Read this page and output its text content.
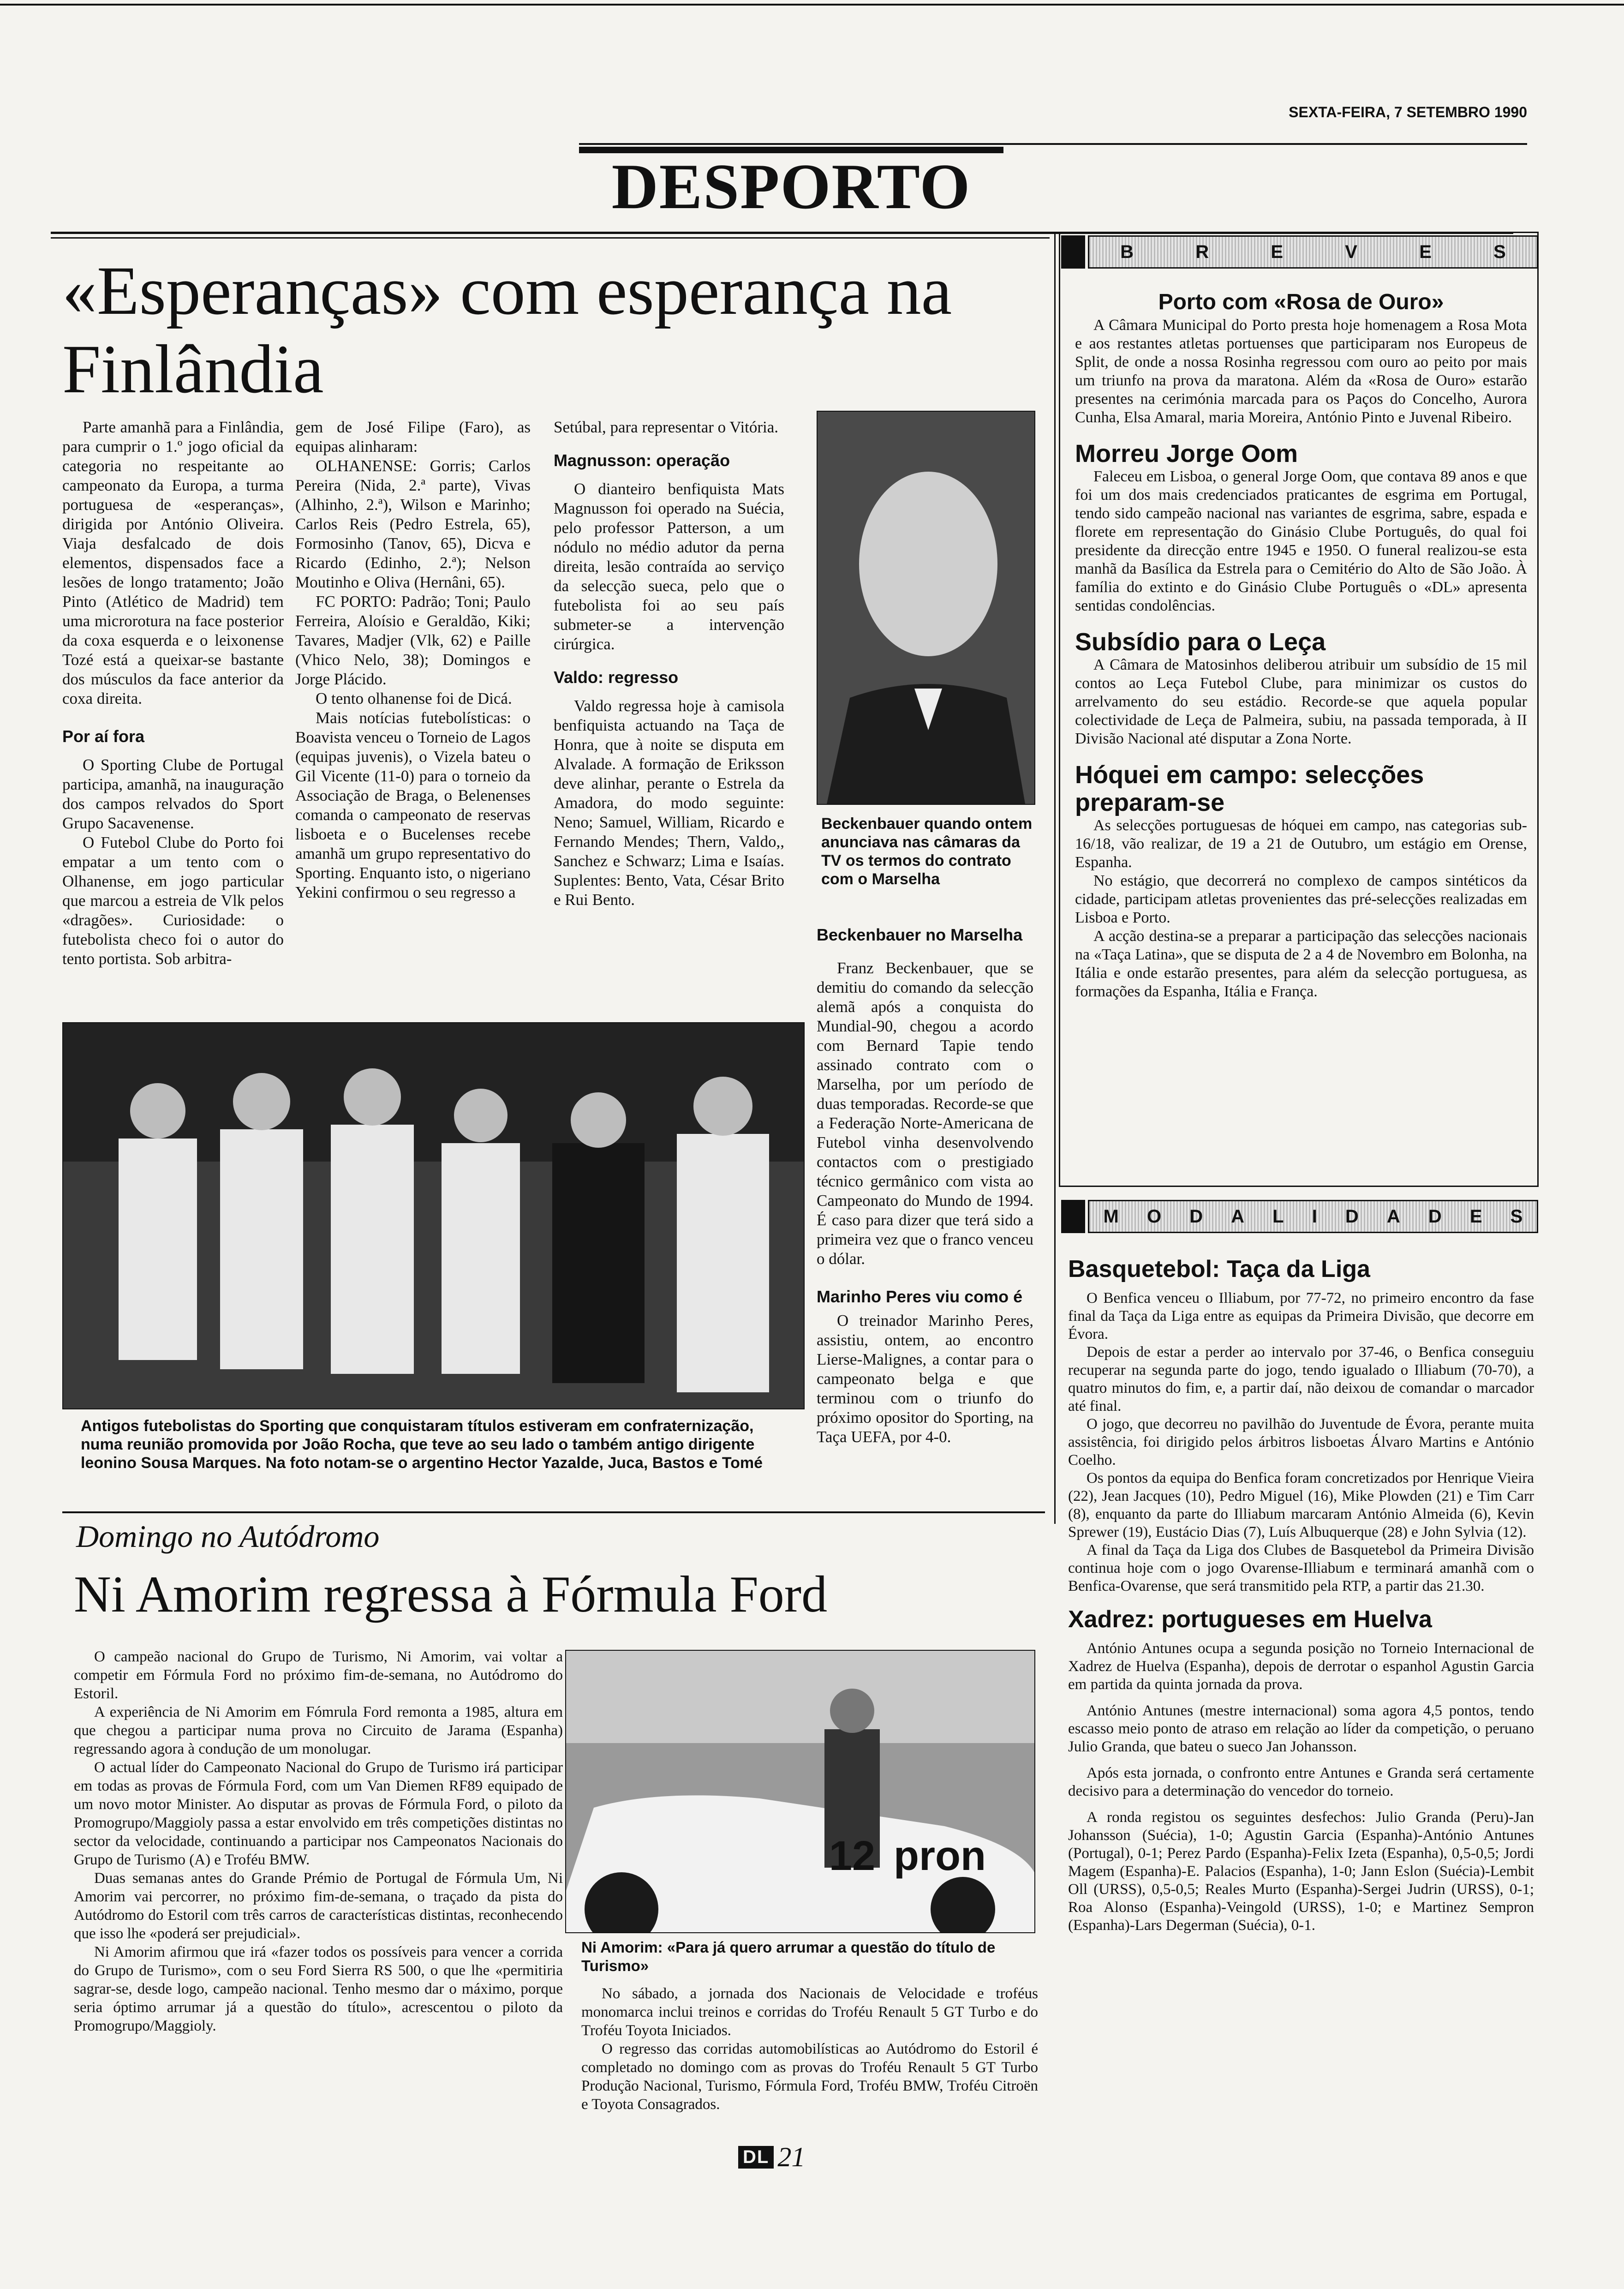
SEXTA-FEIRA, 7 SETEMBRO 1990
DESPORTO
«Esperanças» com esperança na Finlândia

Parte amanhã para a Finlândia, para cumprir o 1.º jogo oficial da categoria no respeitante ao campeonato da Europa, a turma portuguesa de «esperanças», dirigida por António Oliveira. Viaja desfalcado de dois elementos, dispensados face a lesões de longo tratamento; João Pinto (Atlético de Madrid) tem uma microrotura na face posterior da coxa esquerda e o leixonense Tozé está a queixar-se bastante dos músculos da face anterior da coxa direita.

Por aí fora

O Sporting Clube de Portugal participa, amanhã, na inauguração dos campos relvados do Sport Grupo Sacavenense.

O Futebol Clube do Porto foi empatar a um tento com o Olhanense, em jogo particular que marcou a estreia de Vlk pelos «dragões». Curiosidade: o futebolista checo foi o autor do tento portista. Sob arbitra-

gem de José Filipe (Faro), as equipas alinharam:

OLHANENSE: Gorris; Carlos Pereira (Nida, 2.ª parte), Vivas (Alhinho, 2.ª), Wilson e Marinho; Carlos Reis (Pedro Estrela, 65), Formosinho (Tanov, 65), Dicva e Ricardo (Edinho, 2.ª); Nelson Moutinho e Oliva (Hernâni, 65).

FC PORTO: Padrão; Toni; Paulo Ferreira, Aloísio e Geraldão, Kiki; Tavares, Madjer (Vlk, 62) e Paille (Vhico Nelo, 38); Domingos e Jorge Plácido.

O tento olhanense foi de Dicá.

Mais notícias futebolísticas: o Boavista venceu o Torneio de Lagos (equipas juvenis), o Vizela bateu o Gil Vicente (11-0) para o torneio da Associação de Braga, o Belenenses comanda o campeonato de reservas lisboeta e o Bucelenses recebe amanhã um grupo representativo do Sporting. Enquanto isto, o nigeriano Yekini confirmou o seu regresso a

Setúbal, para representar o Vitória.

Magnusson: operação

O dianteiro benfiquista Mats Magnusson foi operado na Suécia, pelo professor Patterson, a um nódulo no médio adutor da perna direita, lesão contraída ao serviço da selecção sueca, pelo que o futebolista foi ao seu país submeter-se a intervenção cirúrgica.

Valdo: regresso

Valdo regressa hoje à camisola benfiquista actuando na Taça de Honra, que à noite se disputa em Alvalade. A formação de Eriksson deve alinhar, perante o Estrela da Amadora, do modo seguinte: Neno; Samuel, William, Ricardo e Fernando Mendes; Thern, Valdo,, Sanchez e Schwarz; Lima e Isaías. Suplentes: Bento, Vata, César Brito e Rui Bento.

Beckenbauer quando ontem anunciava nas câmaras da TV os termos do contrato com o Marselha

Beckenbauer no Marselha

Franz Beckenbauer, que se demitiu do comando da selecção alemã após a conquista do Mundial-90, chegou a acordo com Bernard Tapie tendo assinado contrato com o Marselha, por um período de duas temporadas. Recorde-se que a Federação Norte-Americana de Futebol vinha desenvolvendo contactos com o prestigiado técnico germânico com vista ao Campeonato do Mundo de 1994. É caso para dizer que terá sido a primeira vez que o franco venceu o dólar.

Marinho Peres viu como é

O treinador Marinho Peres, assistiu, ontem, ao encontro Lierse-Malignes, a contar para o campeonato belga e que terminou com o triunfo do próximo opositor do Sporting, na Taça UEFA, por 4-0.

Antigos futebolistas do Sporting que conquistaram títulos estiveram em confraternização, numa reunião promovida por João Rocha, que teve ao seu lado o também antigo dirigente leonino Sousa Marques. Na foto notam-se o argentino Hector Yazalde, Juca, Bastos e Tomé
Domingo no Autódromo
Ni Amorim regressa à Fórmula Ford

O campeão nacional do Grupo de Turismo, Ni Amorim, vai voltar a competir em Fórmula Ford no próximo fim-de-semana, no Autódromo do Estoril.

A experiência de Ni Amorim em Fómrula Ford remonta a 1985, altura em que chegou a participar numa prova no Circuito de Jarama (Espanha) regressando agora à condução de um monolugar.

O actual líder do Campeonato Nacional do Grupo de Turismo irá participar em todas as provas de Fórmula Ford, com um Van Diemen RF89 equipado de um novo motor Minister. Ao disputar as provas de Fórmula Ford, o piloto da Promogrupo/Maggioly passa a estar envolvido em três competições distintas no sector da velocidade, continuando a participar nos Campeonatos Nacionais do Grupo de Turismo (A) e Troféu BMW.

Duas semanas antes do Grande Prémio de Portugal de Fórmula Um, Ni Amorim vai percorrer, no próximo fim-de-semana, o traçado da pista do Autódromo do Estoril com três carros de características distintas, reconhecendo que isso lhe «poderá ser prejudicial».

Ni Amorim afirmou que irá «fazer todos os possíveis para vencer a corrida do Grupo de Turismo», com o seu Ford Sierra RS 500, o que lhe «permitiria sagrar-se, desde logo, campeão nacional. Tenho mesmo dar o máximo, porque seria óptimo arrumar já a questão do título», acrescentou o piloto da Promogrupo/Maggioly.

12 pron
Ni Amorim: «Para já quero arrumar a questão do título de Turismo»

No sábado, a jornada dos Nacionais de Velocidade e troféus monomarca inclui treinos e corridas do Troféu Renault 5 GT Turbo e do Troféu Toyota Iniciados.

O regresso das corridas automobilísticas ao Autódromo do Estoril é completado no domingo com as provas do Troféu Renault 5 GT Turbo Produção Nacional, Turismo, Fórmula Ford, Troféu BMW, Troféu Citroën e Toyota Consagrados.

B	R	E	V	E	S

Porto com «Rosa de Ouro»

A Câmara Municipal do Porto presta hoje homenagem a Rosa Mota e aos restantes atletas portuenses que participaram nos Europeus de Split, de onde a nossa Rosinha regressou com ouro ao peito por mais um triunfo na prova da maratona. Além da «Rosa de Ouro» estarão presentes na cerimónia marcada para os Paços do Concelho, Aurora Cunha, Elsa Amaral, maria Moreira, António Pinto e Juvenal Ribeiro.

Morreu Jorge Oom

Faleceu em Lisboa, o general Jorge Oom, que contava 89 anos e que foi um dos mais credenciados praticantes de esgrima em Portugal, tendo sido campeão nacional nas variantes de esgrima, sabre, espada e florete em representação do Ginásio Clube Português, do qual foi presidente da direcção entre 1945 e 1950. O funeral realizou-se esta manhã da Basílica da Estrela para o Cemitério do Alto de São João. À família do extinto e do Ginásio Clube Português o «DL» apresenta sentidas condolências.

Subsídio para o Leça

A Câmara de Matosinhos deliberou atribuir um subsídio de 15 mil contos ao Leça Futebol Clube, para minimizar os custos do arrelvamento do seu estádio. Recorde-se que aquela popular colectividade de Leça de Palmeira, subiu, na passada temporada, à II Divisão Nacional até disputar a Zona Norte.

Hóquei em campo: selecções preparam-se

As selecções portuguesas de hóquei em campo, nas categorias sub-16/18, vão realizar, de 19 a 21 de Outubro, um estágio em Orense, Espanha.

No estágio, que decorrerá no complexo de campos sintéticos da cidade, participam atletas provenientes das pré-selecções realizadas em Lisboa e Porto.

A acção destina-se a preparar a participação das selecções nacionais na «Taça Latina», que se disputa de 2 a 4 de Novembro em Bolonha, na Itália e onde estarão presentes, para além da selecção portuguesa, as formações da Espanha, Itália e França.

M O D A L I D A D E S

Basquetebol: Taça da Liga

O Benfica venceu o Illiabum, por 77-72, no primeiro encontro da fase final da Taça da Liga entre as equipas da Primeira Divisão, que decorre em Évora.

Depois de estar a perder ao intervalo por 37-46, o Benfica conseguiu recuperar na segunda parte do jogo, tendo igualado o Illiabum (70-70), a quatro minutos do fim, e, a partir daí, não deixou de comandar o marcador até final.

O jogo, que decorreu no pavilhão do Juventude de Évora, perante muita assistência, foi dirigido pelos árbitros lisboetas Álvaro Martins e António Coelho.

Os pontos da equipa do Benfica foram concretizados por Henrique Vieira (22), Jean Jacques (10), Pedro Miguel (16), Mike Plowden (21) e Tim Carr (8), enquanto da parte do Illiabum marcaram António Almeida (6), Kevin Sprewer (19), Eustácio Dias (7), Luís Albuquerque (28) e John Sylvia (12).

A final da Taça da Liga dos Clubes de Basquetebol da Primeira Divisão continua hoje com o jogo Ovarense-Illiabum e terminará amanhã com o Benfica-Ovarense, que será transmitido pela RTP, a partir das 21.30.

Xadrez: portugueses em Huelva

António Antunes ocupa a segunda posição no Torneio Internacional de Xadrez de Huelva (Espanha), depois de derrotar o espanhol Agustin Garcia em partida da quinta jornada da prova.

António Antunes (mestre internacional) soma agora 4,5 pontos, tendo escasso meio ponto de atraso em relação ao líder da competição, o peruano Julio Granda, que bateu o sueco Jan Johansson.

Após esta jornada, o confronto entre Antunes e Granda será certamente decisivo para a determinação do vencedor do torneio.

A ronda registou os seguintes desfechos: Julio Granda (Peru)-Jan Johansson (Suécia), 1-0; Agustin Garcia (Espanha)-António Antunes (Portugal), 0-1; Perez Pardo (Espanha)-Felix Izeta (Espanha), 0,5-0,5; Jordi Magem (Espanha)-E. Palacios (Espanha), 1-0; Jann Eslon (Suécia)-Lembit Oll (URSS), 0,5-0,5; Reales Murto (Espanha)-Sergei Judrin (URSS), 0-1; Roa Alonso (Espanha)-Veingold (URSS), 1-0; e Martinez Sempron (Espanha)-Lars Degerman (Suécia), 0-1.

DL 21
